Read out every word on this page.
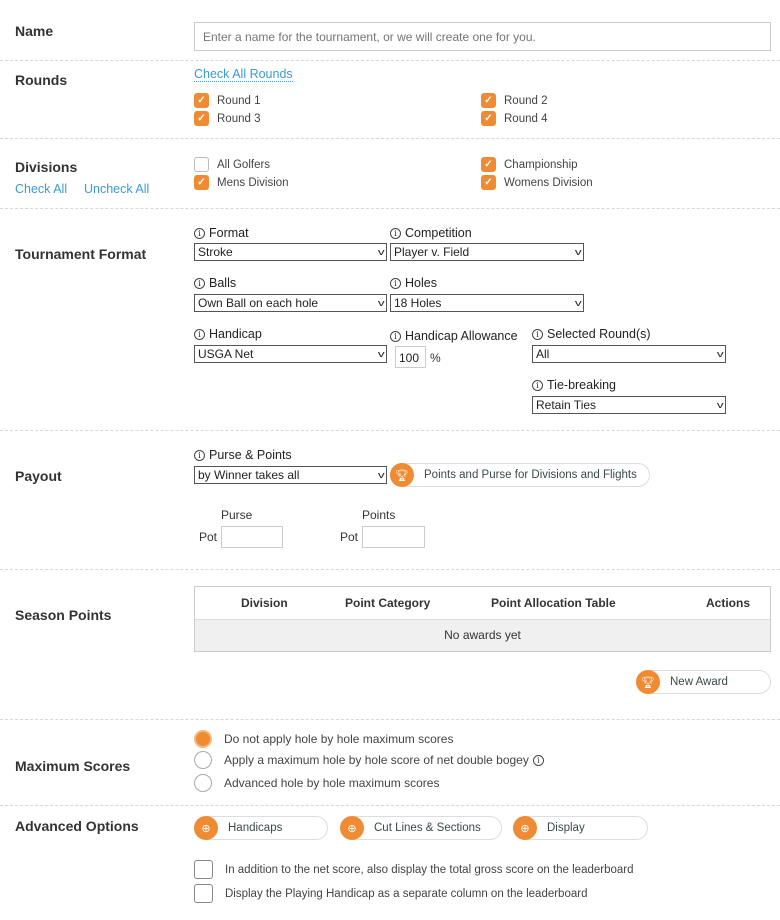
Name
Enter a name for the tournament, or we will create one for you.
Rounds	Check All Rounds
✓ Round 1	✓ Round 2
✓ Round 3	✓ Round 4
Divisions
Check All Uncheck All
All Golfers	✓ Championship
✓ Mens Division	✓ Womens Division
Tournament Format
i Format
Stroke	v
i Competition
Player v. Field	v
i Balls
Own Ball on each hole	v
i Holes
18 Holes	v
i Handicap
USGA Net	v
i Handicap Allowance
100 %
i Selected Round(s)
All	v
i Tie-breaking
Retain Ties	v
Payout
i Purse & Points
by Winner takes all	v 🏆︎	Points and Purse for Divisions and Flights
Purse
Pot
Points
Pot
Season Points
Division	Point Category	Point Allocation Table	Actions
No awards yet
🏆︎	New Award
Maximum Scores
Do not apply hole by hole maximum scores
Apply a maximum hole by hole score of net double bogey	i
Advanced hole by hole maximum scores
Advanced Options	⊕	Handicaps	⊕	Cut Lines & Sections	⊕	Display
In addition to the net score, also display the total gross score on the leaderboard
Display the Playing Handicap as a separate column on the leaderboard
